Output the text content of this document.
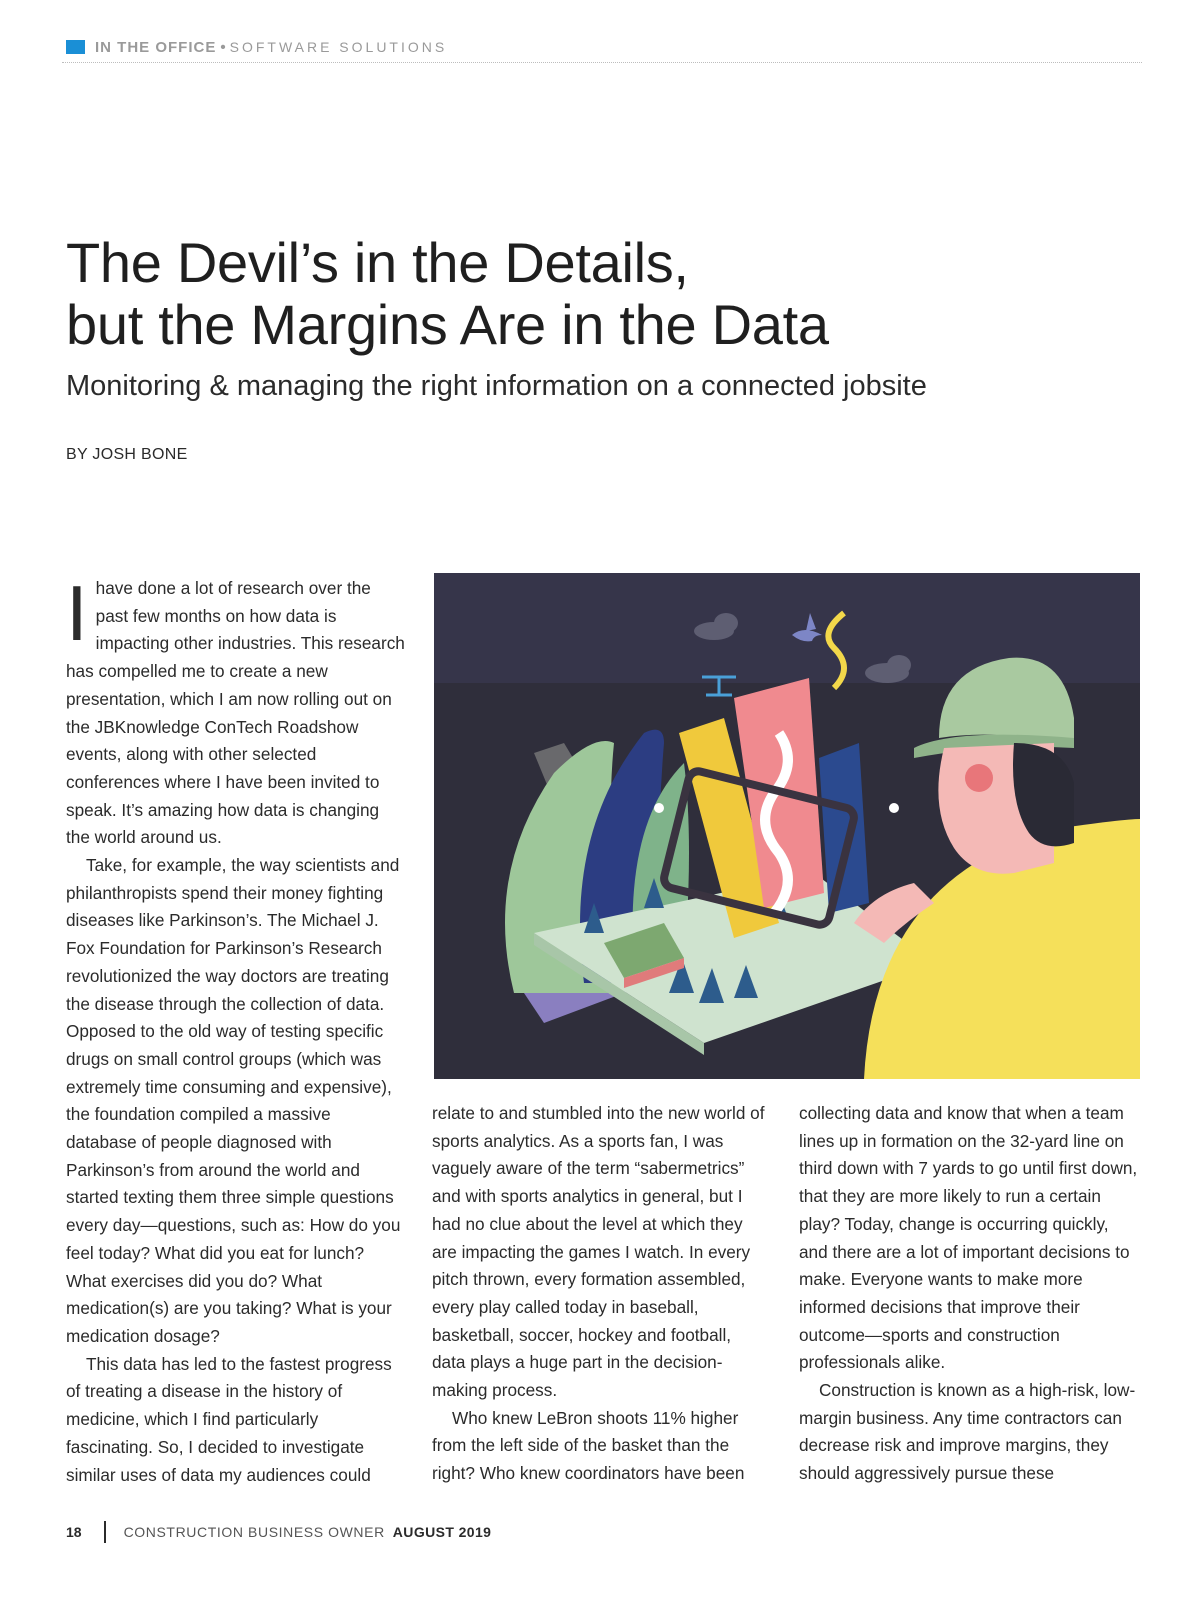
IN THE OFFICE • SOFTWARE SOLUTIONS
The Devil’s in the Details,
but the Margins Are in the Data
Monitoring & managing the right information on a connected jobsite
BY JOSH BONE

Ihave done a lot of research over the past few months on how data is impacting other industries. This research has compelled me to create a new presentation, which I am now rolling out on the JBKnowledge ConTech Roadshow events, along with other selected conferences where I have been invited to speak. It’s amazing how data is changing the world around us.

Take, for example, the way scientists and philanthropists spend their money fighting diseases like Parkinson’s. The Michael J. Fox Foundation for Parkinson’s Research revolutionized the way doctors are treating the disease through the collection of data. Opposed to the old way of testing specific drugs on small control groups (which was extremely time consuming and expensive), the foundation compiled a massive database of people diagnosed with Parkinson’s from around the world and started texting them three simple questions every day—questions, such as: How do you feel today? What did you eat for lunch? What exercises did you do? What medication(s) are you taking? What is your medication dosage?

This data has led to the fastest progress of treating a disease in the history of medicine, which I find particularly fascinating. So, I decided to investigate similar uses of data my audiences could

relate to and stumbled into the new world of sports analytics. As a sports fan, I was vaguely aware of the term “sabermetrics” and with sports analytics in general, but I had no clue about the level at which they are impacting the games I watch. In every pitch thrown, every formation assembled, every play called today in baseball, basketball, soccer, hockey and football, data plays a huge part in the decision-making process.

Who knew LeBron shoots 11% higher from the left side of the basket than the right? Who knew coordinators have been

collecting data and know that when a team lines up in formation on the 32-yard line on third down with 7 yards to go until first down, that they are more likely to run a certain play? Today, change is occurring quickly, and there are a lot of important decisions to make. Everyone wants to make more informed decisions that improve their outcome—sports and construction professionals alike.

Construction is known as a high-risk, low-margin business. Any time contractors can decrease risk and improve margins, they should aggressively pursue these

18	CONSTRUCTION BUSINESS OWNER AUGUST 2019
